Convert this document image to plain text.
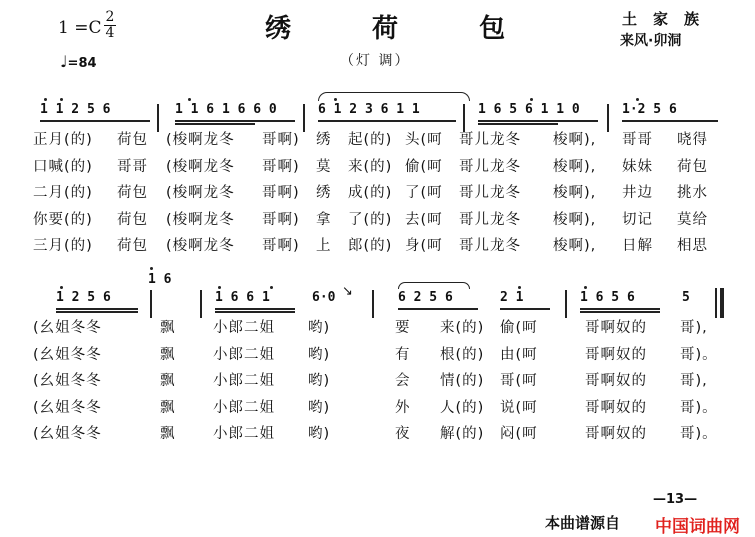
绣 荷 包
1 =C
2
4
♩=84	（灯 调）
土家族
来风·卯洞
1 1 2 5 6	1 1 6 1 6 6 0	6 1 2 3 6 1 1	1 6 5 6 1 1 0	1·2 5 6
正月(的) 荷包 (梭啊龙冬 哥啊) 绣 起(的) 头(呵 哥儿龙冬 梭啊), 哥哥 哓得
口喊(的) 哥哥 (梭啊龙冬 哥啊) 莫 来(的) 偷(呵 哥儿龙冬 梭啊), 妹妹 荷包
二月(的) 荷包 (梭啊龙冬 哥啊) 绣 成(的) 了(呵 哥儿龙冬 梭啊), 井边 挑水
你要(的) 荷包 (梭啊龙冬 哥啊) 拿 了(的) 去(呵 哥儿龙冬 梭啊), 切记 莫给
三月(的) 荷包 (梭啊龙冬 哥啊) 上 郎(的) 身(呵 哥儿龙冬 梭啊), 日解 相思
1 2 5 6
1 6
1 6 6 1	6·0	6 2 5 6	2 1	1 6 5 6	5
↘
(幺姐冬冬	飘	小郎二姐 哟)	要 来(的) 偷(呵	哥啊奴的 哥),
(幺姐冬冬	飘	小郎二姐 哟)	有 根(的) 由(呵	哥啊奴的 哥)。
(幺姐冬冬	飘	小郎二姐 哟)	会 情(的) 哥(呵	哥啊奴的 哥),
(幺姐冬冬	飘	小郎二姐 哟)	外 人(的) 说(呵	哥啊奴的 哥)。
(幺姐冬冬	飘	小郎二姐 哟)	夜 解(的) 闷(呵	哥啊奴的 哥)。
—13—
本曲谱源自 中国词曲网
